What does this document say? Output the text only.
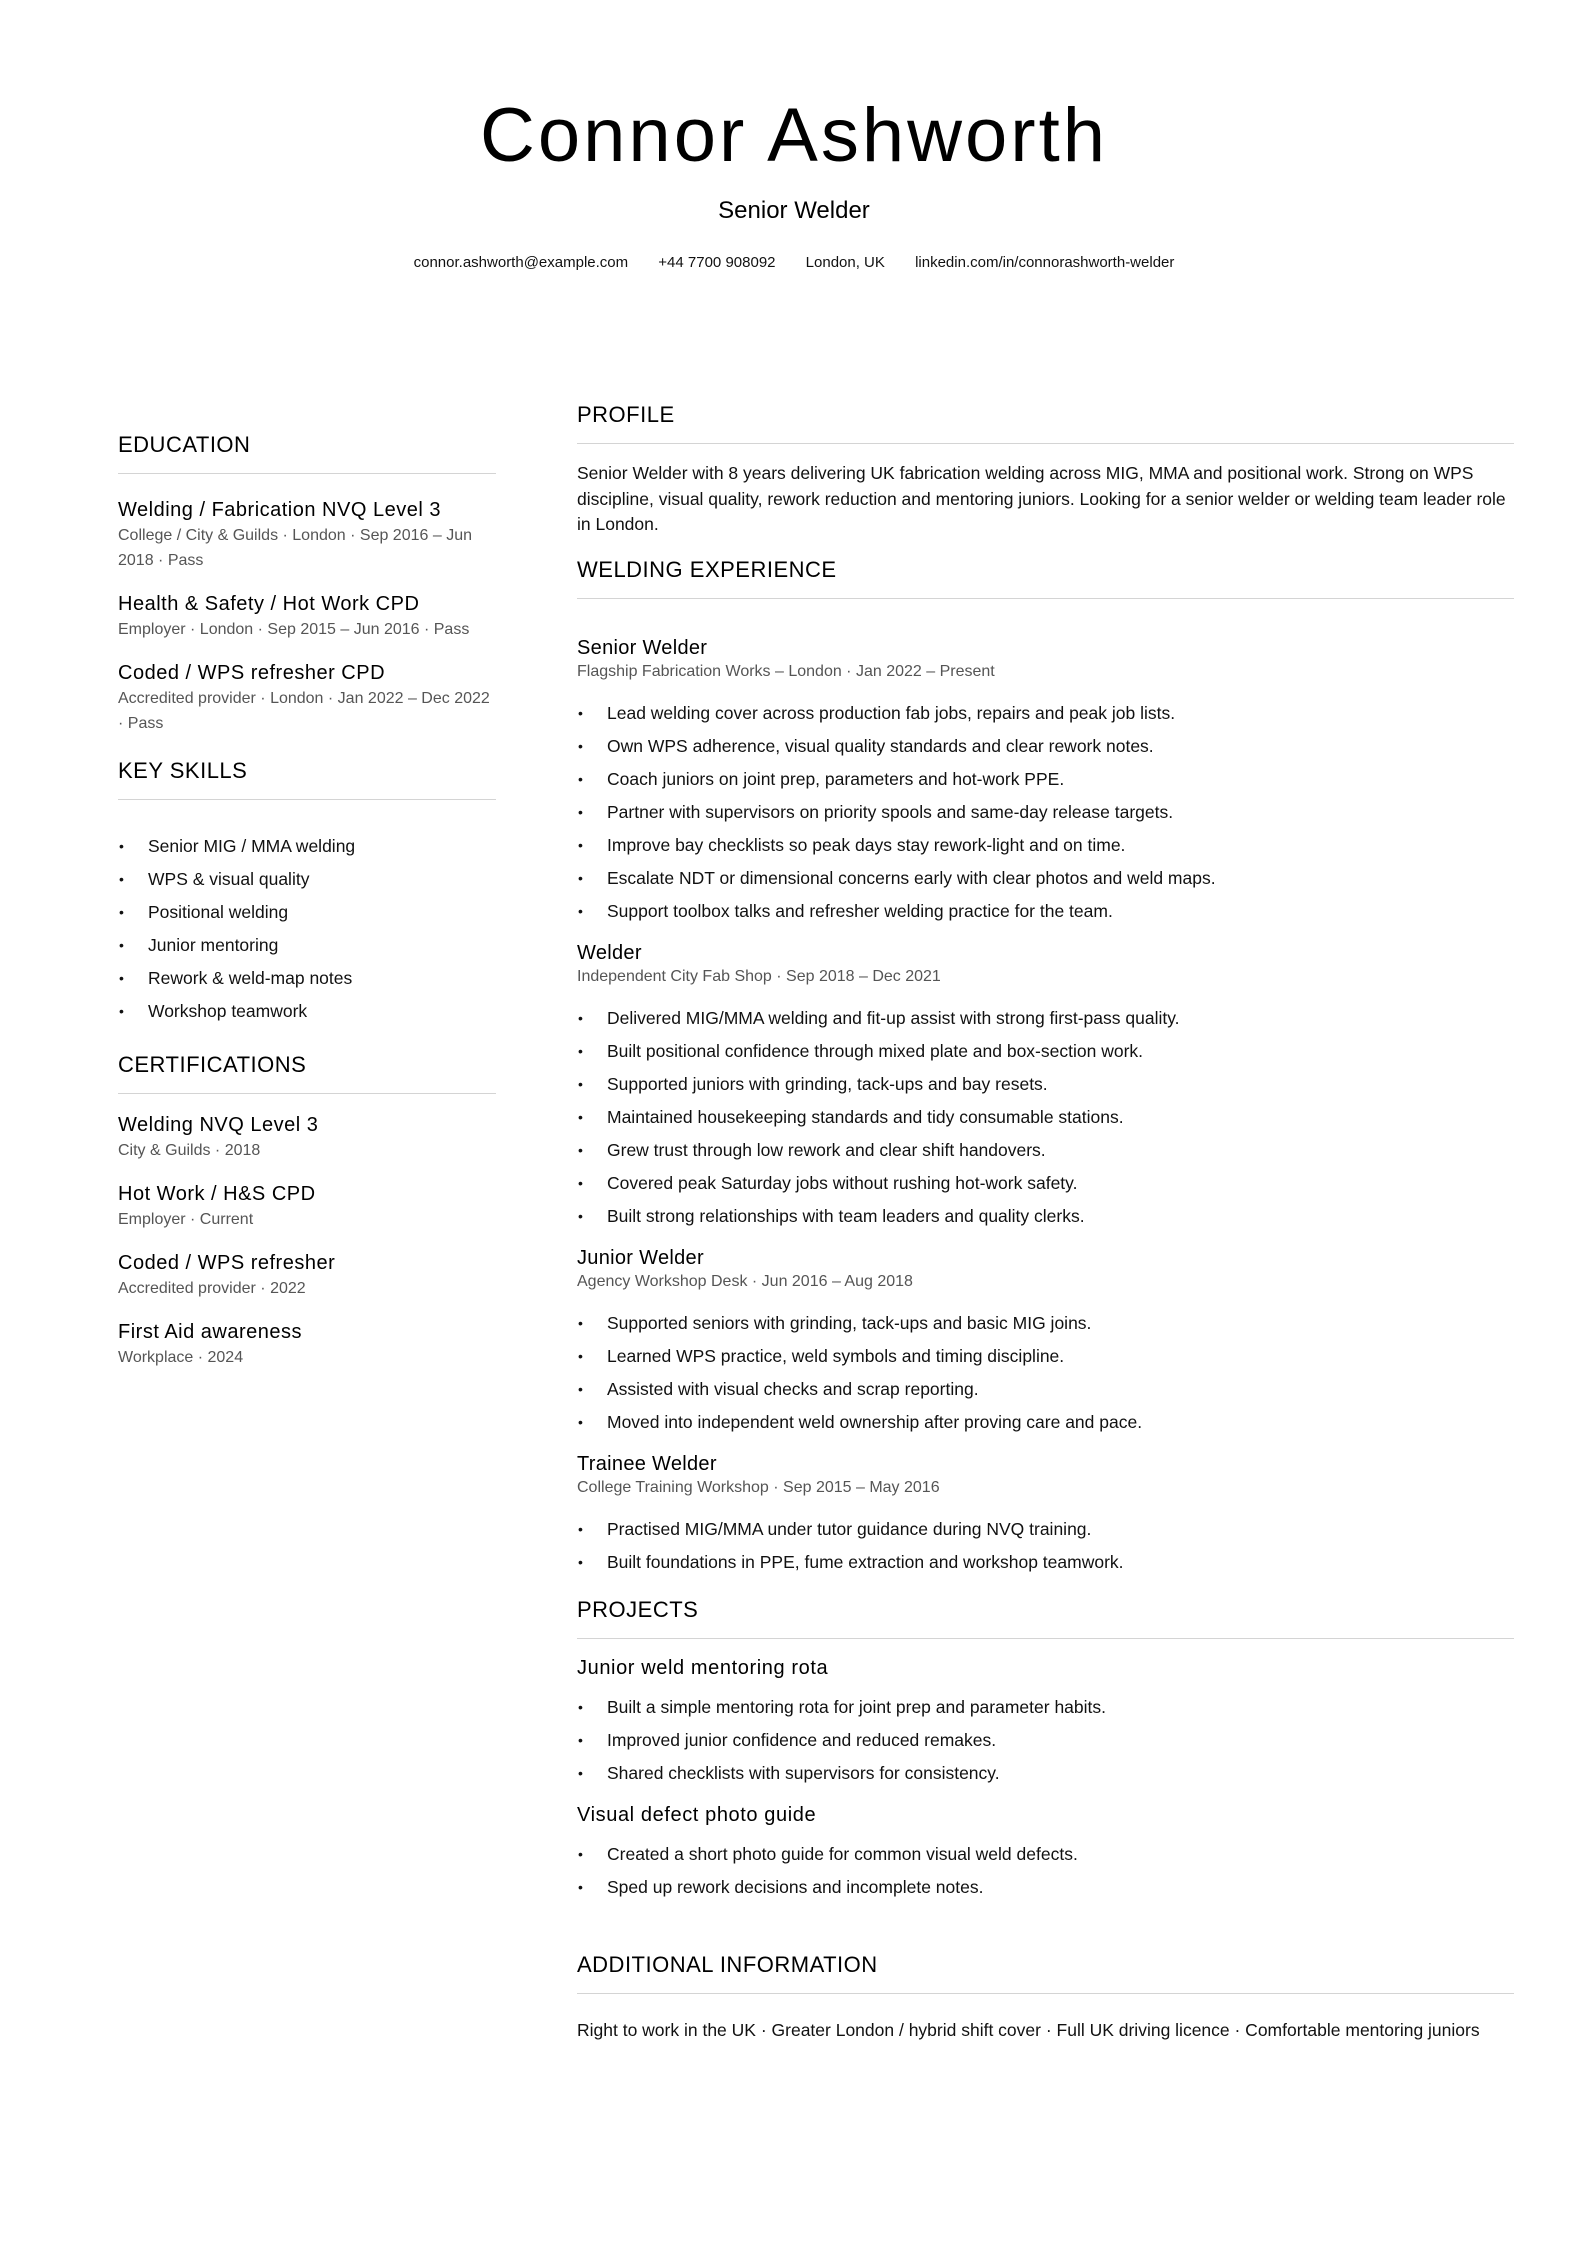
Connor Ashworth
Senior Welder
connor.ashworth@example.com +44 7700 908092 London, UK linkedin.com/in/connorashworth-welder
EDUCATION
Welding / Fabrication NVQ Level 3
College / City & Guilds · London · Sep 2016 – Jun 2018 · Pass
Health & Safety / Hot Work CPD
Employer · London · Sep 2015 – Jun 2016 · Pass
Coded / WPS refresher CPD
Accredited provider · London · Jan 2022 – Dec 2022 · Pass
KEY SKILLS
• Senior MIG / MMA welding
• WPS & visual quality
• Positional welding
• Junior mentoring
• Rework & weld-map notes
• Workshop teamwork
CERTIFICATIONS
Welding NVQ Level 3
City & Guilds · 2018
Hot Work / H&S CPD
Employer · Current
Coded / WPS refresher
Accredited provider · 2022
First Aid awareness
Workplace · 2024
PROFILE
Senior Welder with 8 years delivering UK fabrication welding across MIG, MMA and positional work. Strong on WPS discipline, visual quality, rework reduction and mentoring juniors. Looking for a senior welder or welding team leader role in London.
WELDING EXPERIENCE
Senior Welder
Flagship Fabrication Works – London · Jan 2022 – Present
• Lead welding cover across production fab jobs, repairs and peak job lists.
• Own WPS adherence, visual quality standards and clear rework notes.
• Coach juniors on joint prep, parameters and hot-work PPE.
• Partner with supervisors on priority spools and same-day release targets.
• Improve bay checklists so peak days stay rework-light and on time.
• Escalate NDT or dimensional concerns early with clear photos and weld maps.
• Support toolbox talks and refresher welding practice for the team.
Welder
Independent City Fab Shop · Sep 2018 – Dec 2021
• Delivered MIG/MMA welding and fit-up assist with strong first-pass quality.
• Built positional confidence through mixed plate and box-section work.
• Supported juniors with grinding, tack-ups and bay resets.
• Maintained housekeeping standards and tidy consumable stations.
• Grew trust through low rework and clear shift handovers.
• Covered peak Saturday jobs without rushing hot-work safety.
• Built strong relationships with team leaders and quality clerks.
Junior Welder
Agency Workshop Desk · Jun 2016 – Aug 2018
• Supported seniors with grinding, tack-ups and basic MIG joins.
• Learned WPS practice, weld symbols and timing discipline.
• Assisted with visual checks and scrap reporting.
• Moved into independent weld ownership after proving care and pace.
Trainee Welder
College Training Workshop · Sep 2015 – May 2016
• Practised MIG/MMA under tutor guidance during NVQ training.
• Built foundations in PPE, fume extraction and workshop teamwork.
PROJECTS
Junior weld mentoring rota
• Built a simple mentoring rota for joint prep and parameter habits.
• Improved junior confidence and reduced remakes.
• Shared checklists with supervisors for consistency.
Visual defect photo guide
• Created a short photo guide for common visual weld defects.
• Sped up rework decisions and incomplete notes.
ADDITIONAL INFORMATION
Right to work in the UK · Greater London / hybrid shift cover · Full UK driving licence · Comfortable mentoring juniors
